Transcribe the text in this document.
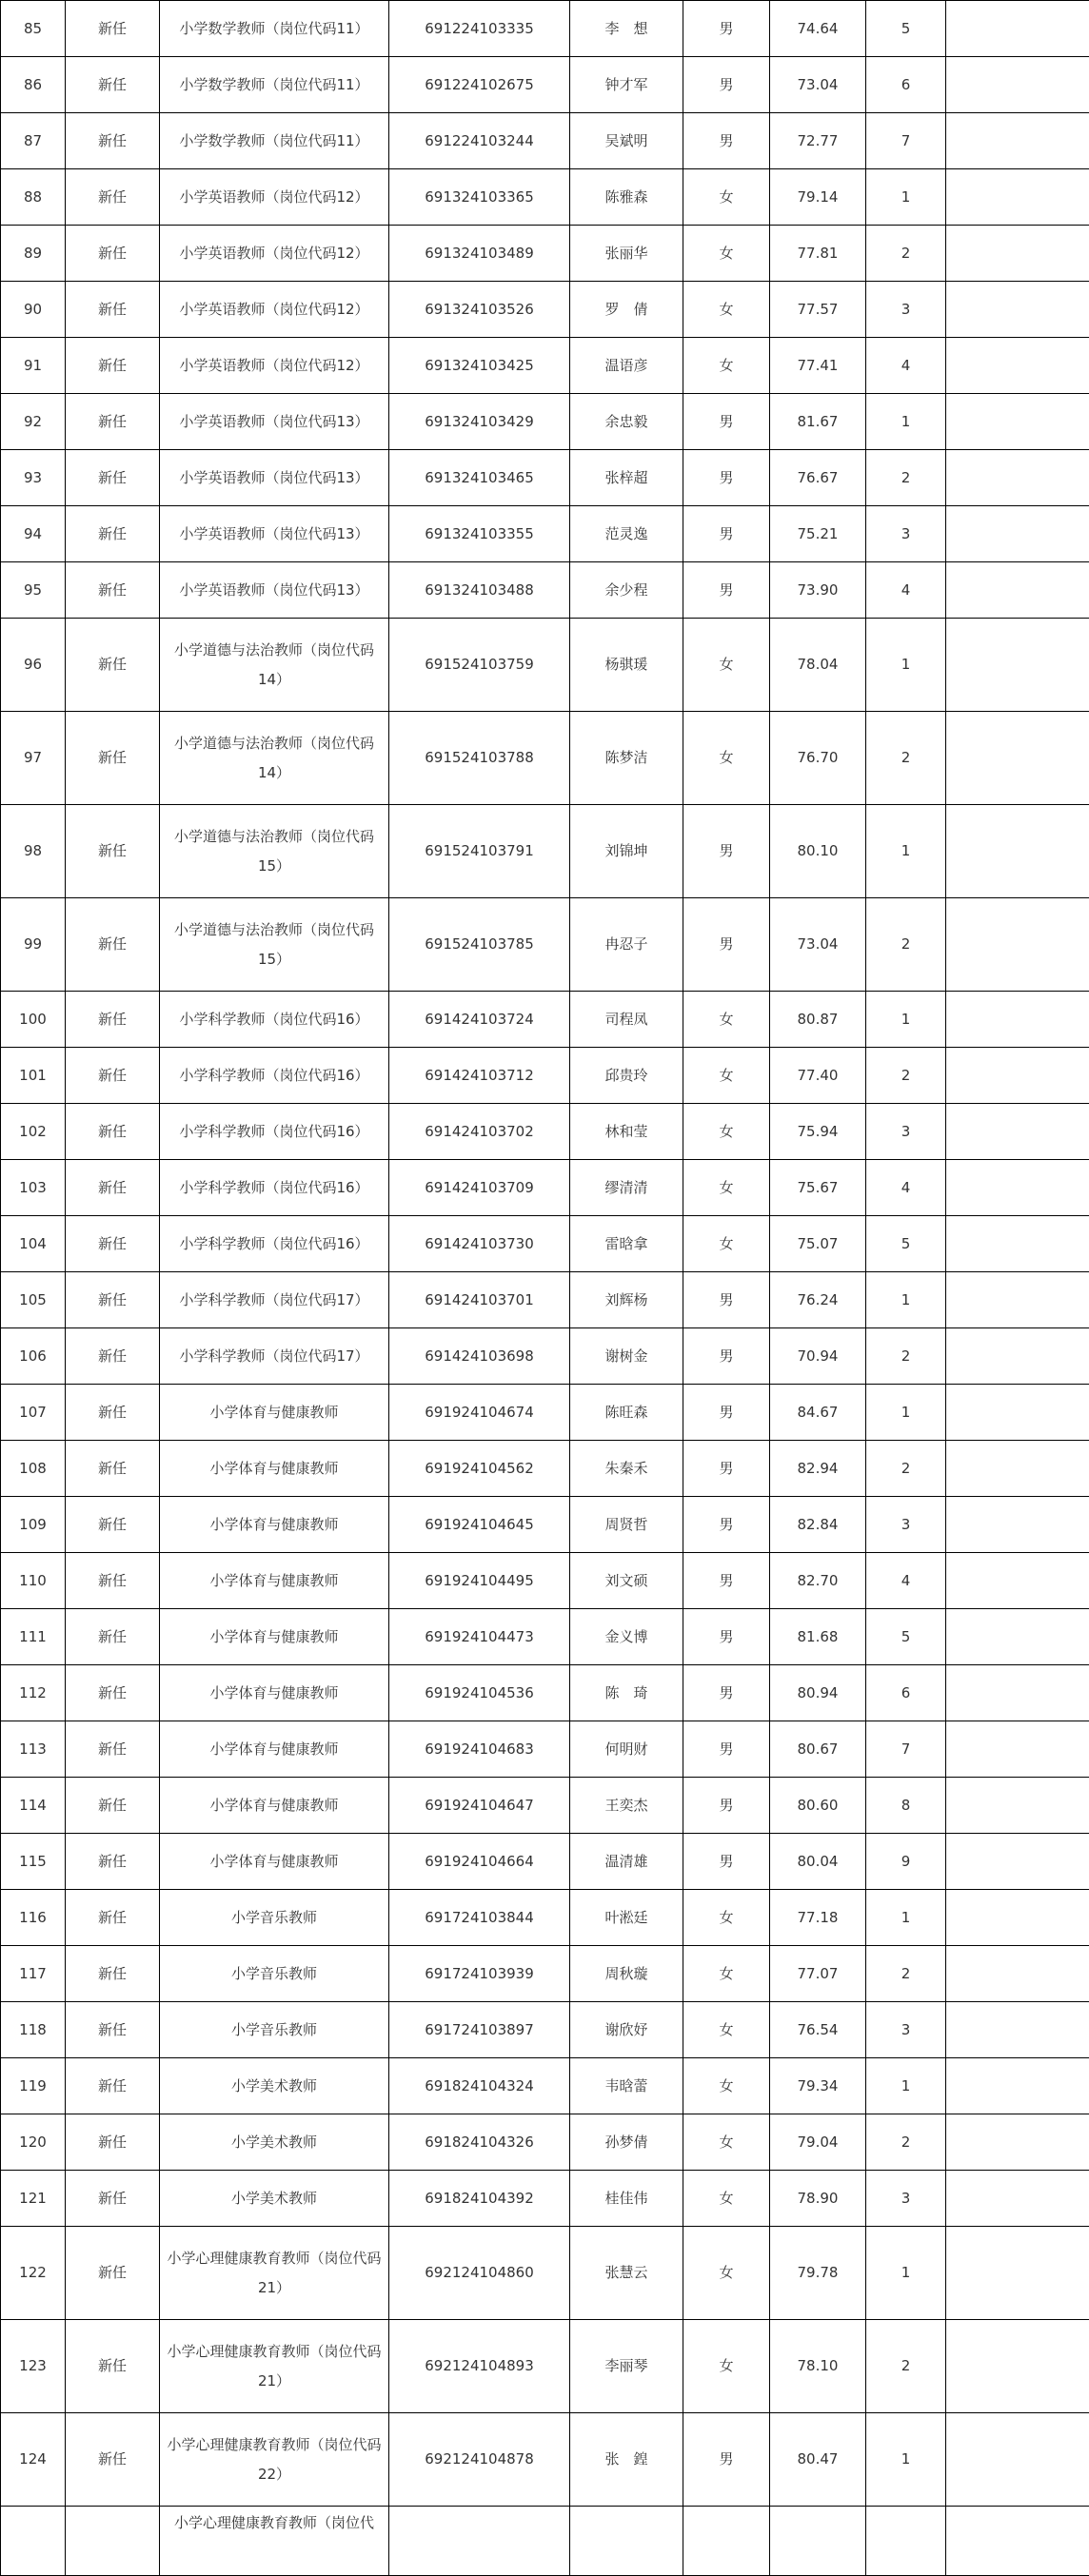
85	新任	小学数学教师（岗位代码11）	691224103335	李　想	男	74.64	5	
86	新任	小学数学教师（岗位代码11）	691224102675	钟才军	男	73.04	6	
87	新任	小学数学教师（岗位代码11）	691224103244	吴斌明	男	72.77	7	
88	新任	小学英语教师（岗位代码12）	691324103365	陈雅森	女	79.14	1	
89	新任	小学英语教师（岗位代码12）	691324103489	张丽华	女	77.81	2	
90	新任	小学英语教师（岗位代码12）	691324103526	罗　倩	女	77.57	3	
91	新任	小学英语教师（岗位代码12）	691324103425	温语彦	女	77.41	4	
92	新任	小学英语教师（岗位代码13）	691324103429	余忠毅	男	81.67	1	
93	新任	小学英语教师（岗位代码13）	691324103465	张梓超	男	76.67	2	
94	新任	小学英语教师（岗位代码13）	691324103355	范灵逸	男	75.21	3	
95	新任	小学英语教师（岗位代码13）	691324103488	余少程	男	73.90	4	
96	新任	小学道德与法治教师（岗位代码14）	691524103759	杨骐瑗	女	78.04	1	
97	新任	小学道德与法治教师（岗位代码14）	691524103788	陈梦洁	女	76.70	2	
98	新任	小学道德与法治教师（岗位代码15）	691524103791	刘锦坤	男	80.10	1	
99	新任	小学道德与法治教师（岗位代码15）	691524103785	冉忍子	男	73.04	2	
100	新任	小学科学教师（岗位代码16）	691424103724	司程凤	女	80.87	1	
101	新任	小学科学教师（岗位代码16）	691424103712	邱贵玲	女	77.40	2	
102	新任	小学科学教师（岗位代码16）	691424103702	林和莹	女	75.94	3	
103	新任	小学科学教师（岗位代码16）	691424103709	缪清清	女	75.67	4	
104	新任	小学科学教师（岗位代码16）	691424103730	雷晗拿	女	75.07	5	
105	新任	小学科学教师（岗位代码17）	691424103701	刘辉杨	男	76.24	1	
106	新任	小学科学教师（岗位代码17）	691424103698	谢树金	男	70.94	2	
107	新任	小学体育与健康教师	691924104674	陈旺森	男	84.67	1	
108	新任	小学体育与健康教师	691924104562	朱秦禾	男	82.94	2	
109	新任	小学体育与健康教师	691924104645	周贤哲	男	82.84	3	
110	新任	小学体育与健康教师	691924104495	刘文硕	男	82.70	4	
111	新任	小学体育与健康教师	691924104473	金义博	男	81.68	5	
112	新任	小学体育与健康教师	691924104536	陈　琦	男	80.94	6	
113	新任	小学体育与健康教师	691924104683	何明财	男	80.67	7	
114	新任	小学体育与健康教师	691924104647	王奕杰	男	80.60	8	
115	新任	小学体育与健康教师	691924104664	温清雄	男	80.04	9	
116	新任	小学音乐教师	691724103844	叶淞廷	女	77.18	1	
117	新任	小学音乐教师	691724103939	周秋璇	女	77.07	2	
118	新任	小学音乐教师	691724103897	谢欣妤	女	76.54	3	
119	新任	小学美术教师	691824104324	韦晗蕾	女	79.34	1	
120	新任	小学美术教师	691824104326	孙梦倩	女	79.04	2	
121	新任	小学美术教师	691824104392	桂佳伟	女	78.90	3	
122	新任	小学心理健康教育教师（岗位代码21）	692124104860	张慧云	女	79.78	1	
123	新任	小学心理健康教育教师（岗位代码21）	692124104893	李丽琴	女	78.10	2	
124	新任	小学心理健康教育教师（岗位代码22）	692124104878	张　鍠	男	80.47	1	
		小学心理健康教育教师（岗位代						
